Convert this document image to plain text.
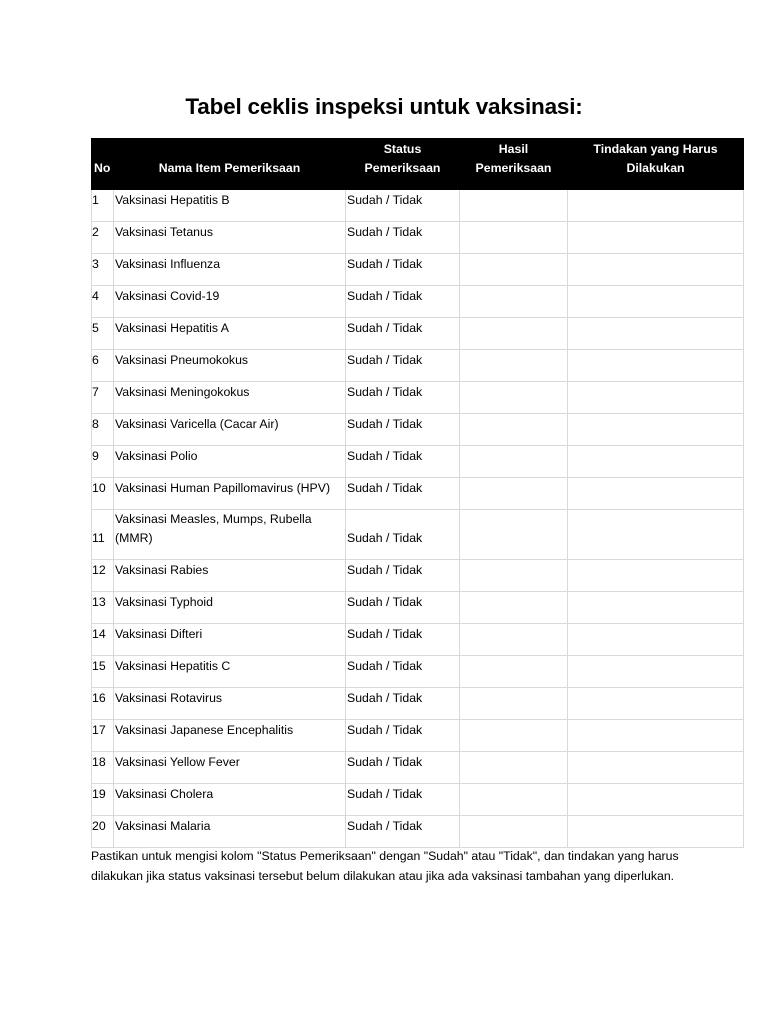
Tabel ceklis inspeksi untuk vaksinasi:
No	Nama Item Pemeriksaan	Status Pemeriksaan	Hasil Pemeriksaan	Tindakan yang Harus Dilakukan
1	Vaksinasi Hepatitis B	Sudah / Tidak		
2	Vaksinasi Tetanus	Sudah / Tidak		
3	Vaksinasi Influenza	Sudah / Tidak		
4	Vaksinasi Covid-19	Sudah / Tidak		
5	Vaksinasi Hepatitis A	Sudah / Tidak		
6	Vaksinasi Pneumokokus	Sudah / Tidak		
7	Vaksinasi Meningokokus	Sudah / Tidak		
8	Vaksinasi Varicella (Cacar Air)	Sudah / Tidak		
9	Vaksinasi Polio	Sudah / Tidak		
10	Vaksinasi Human Papillomavirus (HPV)	Sudah / Tidak		
11	Vaksinasi Measles, Mumps, Rubella (MMR)	Sudah / Tidak		
12	Vaksinasi Rabies	Sudah / Tidak		
13	Vaksinasi Typhoid	Sudah / Tidak		
14	Vaksinasi Difteri	Sudah / Tidak		
15	Vaksinasi Hepatitis C	Sudah / Tidak		
16	Vaksinasi Rotavirus	Sudah / Tidak		
17	Vaksinasi Japanese Encephalitis	Sudah / Tidak		
18	Vaksinasi Yellow Fever	Sudah / Tidak		
19	Vaksinasi Cholera	Sudah / Tidak		
20	Vaksinasi Malaria	Sudah / Tidak		
Pastikan untuk mengisi kolom "Status Pemeriksaan" dengan "Sudah" atau "Tidak", dan tindakan yang harus dilakukan jika status vaksinasi tersebut belum dilakukan atau jika ada vaksinasi tambahan yang diperlukan.
